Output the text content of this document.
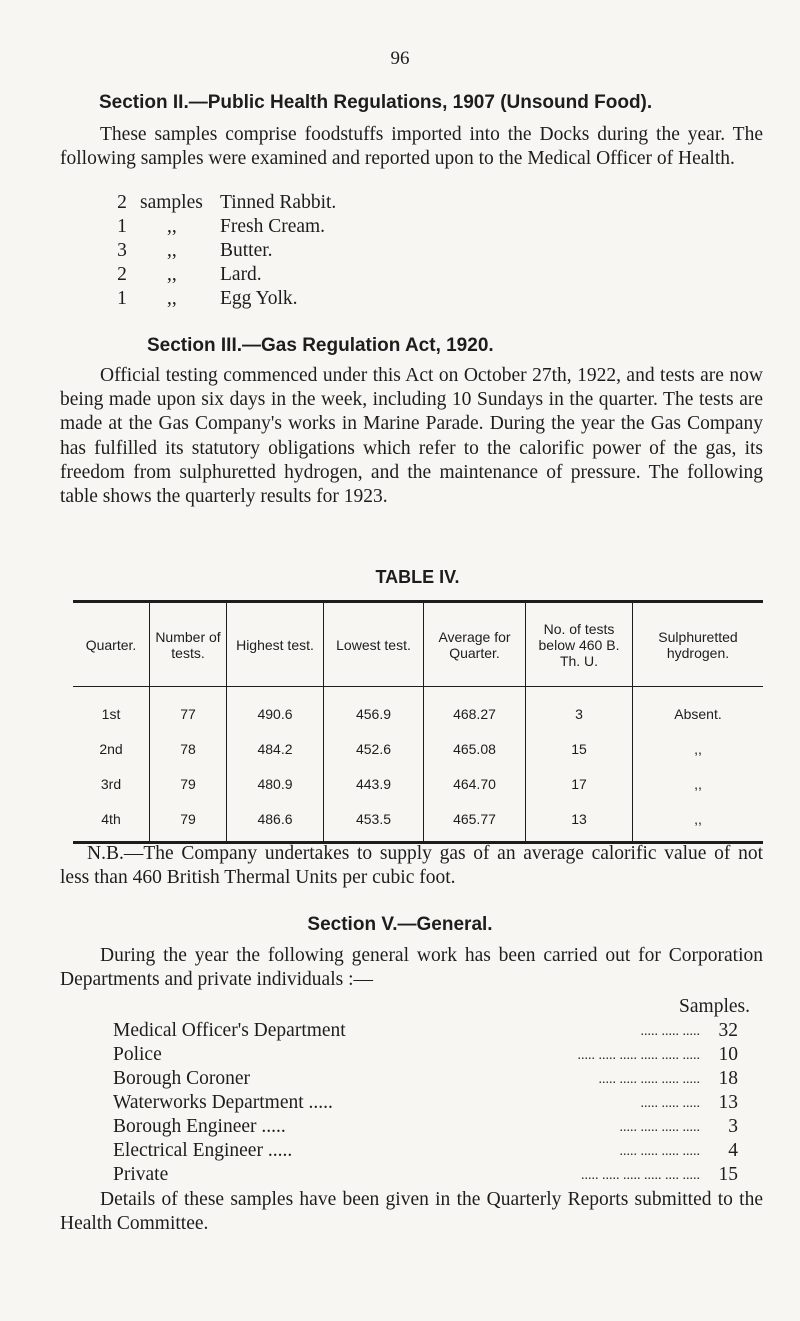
96
Section II.—Public Health Regulations, 1907 (Unsound Food).
These samples comprise foodstuffs imported into the Docks during the year. The following samples were examined and reported upon to the Medical Officer of Health.
2 samples Tinned Rabbit.
1 ,, Fresh Cream.
3 ,, Butter.
2 ,, Lard.
1 ,, Egg Yolk.
Section III.—Gas Regulation Act, 1920.
Official testing commenced under this Act on October 27th, 1922, and tests are now being made upon six days in the week, including 10 Sundays in the quarter. The tests are made at the Gas Company's works in Marine Parade. During the year the Gas Company has fulfilled its statutory obligations which refer to the calorific power of the gas, its freedom from sulphuretted hydrogen, and the maintenance of pressure. The following table shows the quarterly results for 1923.
TABLE IV.
Quarter.	Number of tests.	Highest test.	Lowest test.	Average for Quarter.	No. of tests below 460 B. Th. U.	Sulphuretted hydrogen.
1st	77	490.6	456.9	468.27	3	Absent.
2nd	78	484.2	452.6	465.08	15	,,
3rd	79	480.9	443.9	464.70	17	,,
4th	79	486.6	453.5	465.77	13	,,
N.B.—The Company undertakes to supply gas of an average calorific value of not less than 460 British Thermal Units per cubic foot.
Section V.—General.
During the year the following general work has been carried out for Corporation Departments and private individuals :—
Samples.
Medical Officer's Department	..... ..... ..... 32
Police	..... ..... ..... ..... ..... ..... 10
Borough Coroner	..... ..... ..... ..... ..... 18
Waterworks Department .....	..... ..... ..... 13
Borough Engineer .....	..... ..... ..... ..... 3
Electrical Engineer .....	..... ..... ..... ..... 4
Private	..... ..... ..... ..... .... ..... 15
Details of these samples have been given in the Quarterly Reports submitted to the Health Committee.
